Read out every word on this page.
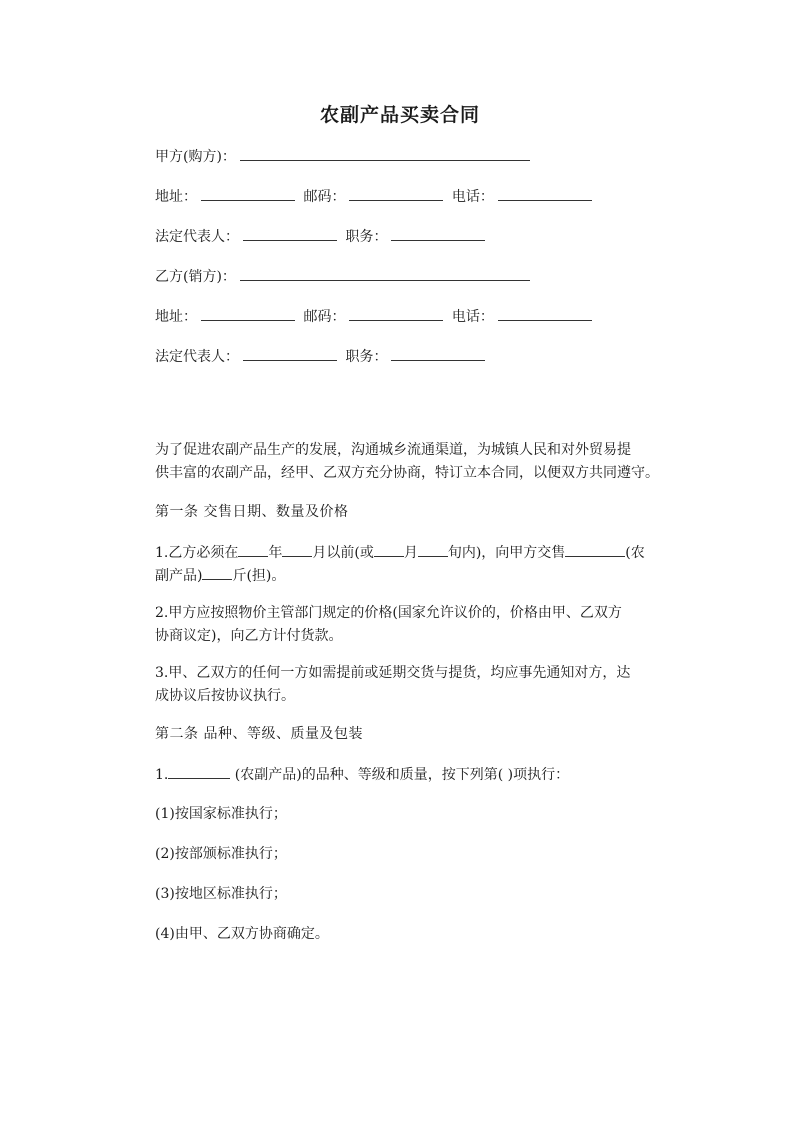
农副产品买卖合同
甲方(购方)：
地址：	邮码：	电话：
法定代表人：	职务：
乙方(销方)：
地址：	邮码：	电话：
法定代表人：	职务：
为了促进农副产品生产的发展，沟通城乡流通渠道，为城镇人民和对外贸易提
供丰富的农副产品，经甲、乙双方充分协商，特订立本合同，以便双方共同遵守。
第一条 交售日期、数量及价格
1.乙方必须在 年 月以前(或 月 旬内)，向甲方交售	(农
副产品) 斤(担)。
2.甲方应按照物价主管部门规定的价格(国家允许议价的，价格由甲、乙双方
协商议定)，向乙方计付货款。
3.甲、乙双方的任何一方如需提前或延期交货与提货，均应事先通知对方，达
成协议后按协议执行。
第二条 品种、等级、质量及包装
1.	(农副产品)的品种、等级和质量，按下列第( )项执行：
(1)按国家标准执行；
(2)按部颁标准执行；
(3)按地区标准执行；
(4)由甲、乙双方协商确定。
